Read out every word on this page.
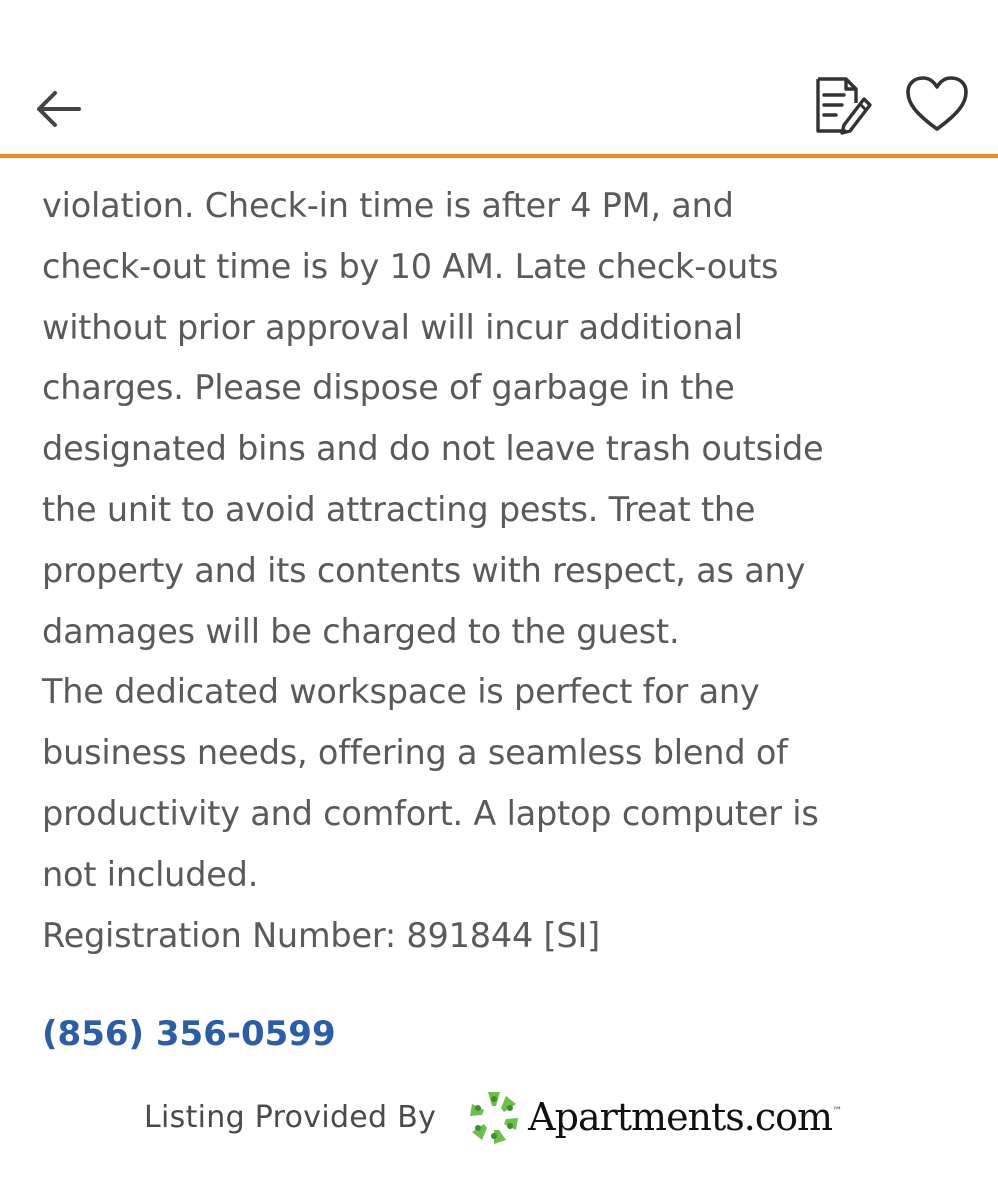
violation. Check-in time is after 4 PM, and

check-out time is by 10 AM. Late check-outs

without prior approval will incur additional

charges. Please dispose of garbage in the

designated bins and do not leave trash outside

the unit to avoid attracting pests. Treat the

property and its contents with respect, as any

damages will be charged to the guest.

The dedicated workspace is perfect for any

business needs, offering a seamless blend of

productivity and comfort. A laptop computer is

not included.

Registration Number: 891844 [SI]

(856) 356-0599
Listing Provided By Apartments.com ™
